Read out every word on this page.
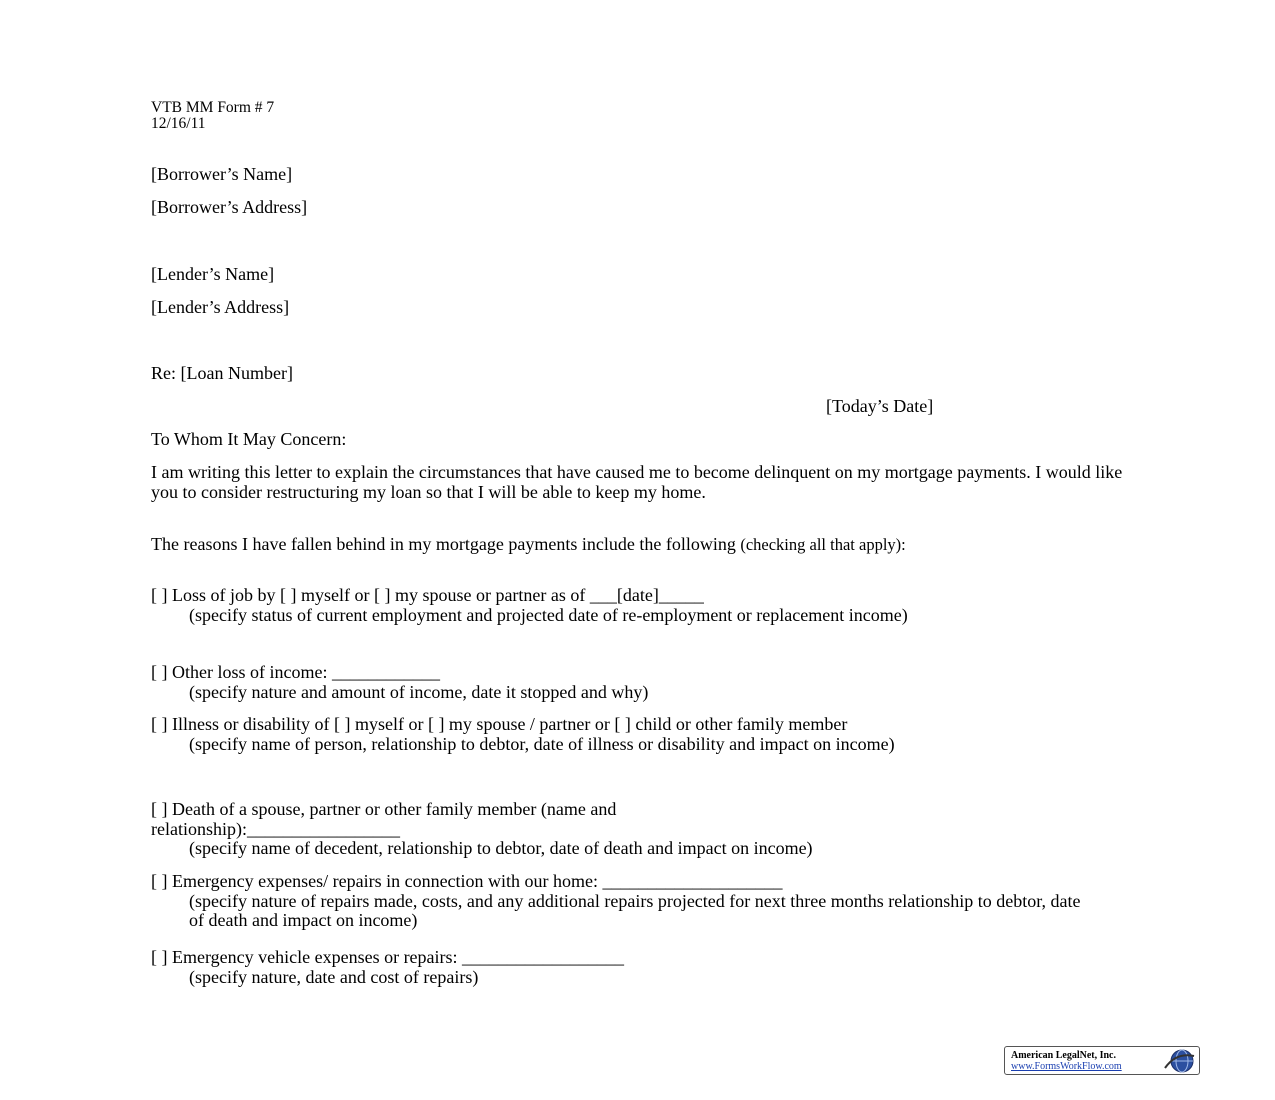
VTB MM Form # 7
12/16/11
[Borrower’s Name]
[Borrower’s Address]
[Lender’s Name]
[Lender’s Address]
Re: [Loan Number]
[Today’s Date]
To Whom It May Concern:
I am writing this letter to explain the circumstances that have caused me to become delinquent on my mortgage payments. I would like you to consider restructuring my loan so that I will be able to keep my home.
The reasons I have fallen behind in my mortgage payments include the following (checking all that apply):
[ ] Loss of job by [ ] myself or [ ] my spouse or partner as of ___[date]_____
(specify status of current employment and projected date of re-employment or replacement income)
[ ] Other loss of income: ____________
(specify nature and amount of income, date it stopped and why)
[ ] Illness or disability of [ ] myself or [ ] my spouse / partner or [ ] child or other family member
(specify name of person, relationship to debtor, date of illness or disability and impact on income)
[ ] Death of a spouse, partner or other family member (name and relationship):_________________
(specify name of decedent, relationship to debtor, date of death and impact on income)
[ ] Emergency expenses/ repairs in connection with our home: ____________________
(specify nature of repairs made, costs, and any additional repairs projected for next three months relationship to debtor, date of death and impact on income)
[ ] Emergency vehicle expenses or repairs: __________________
(specify nature, date and cost of repairs)
American LegalNet, Inc.
www.FormsWorkFlow.com
